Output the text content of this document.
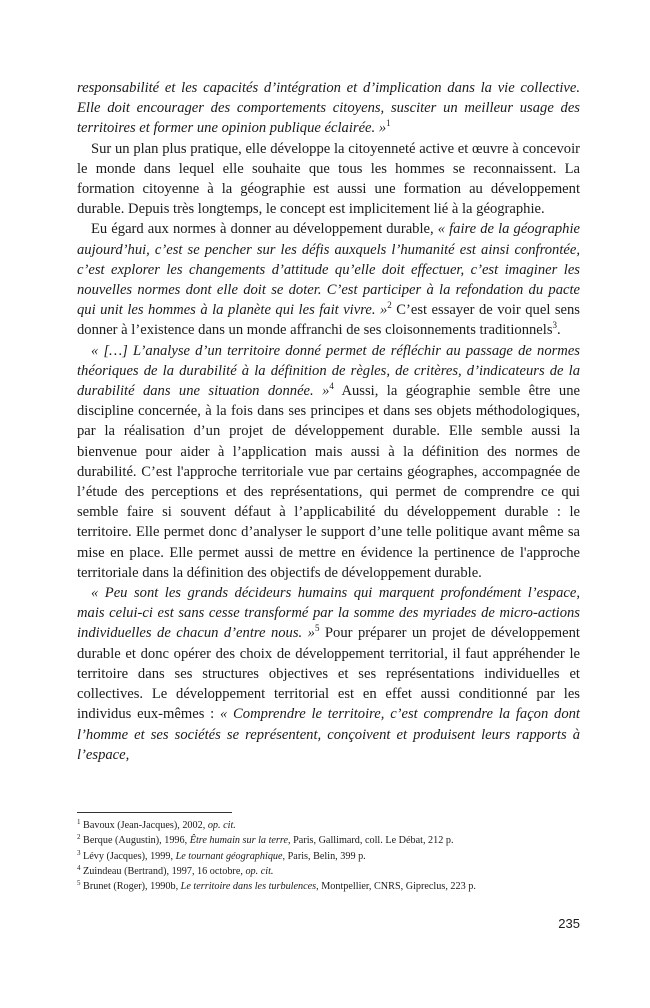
responsabilité et les capacités d’intégration et d’implication dans la vie collective. Elle doit encourager des comportements citoyens, susciter un meilleur usage des territoires et former une opinion publique éclairée. »$^1$

Sur un plan plus pratique, elle développe la citoyenneté active et œuvre à concevoir le monde dans lequel elle souhaite que tous les hommes se reconnaissent. La formation citoyenne à la géographie est aussi une formation au développement durable. Depuis très longtemps, le concept est implicitement lié à la géographie.

Eu égard aux normes à donner au développement durable, « faire de la géographie aujourd’hui, c’est se pencher sur les défis auxquels l’humanité est ainsi confrontée, c’est explorer les changements d’attitude qu’elle doit effectuer, c’est imaginer les nouvelles normes dont elle doit se doter. C’est participer à la refondation du pacte qui unit les hommes à la planète qui les fait vivre. »$^2$ C’est essayer de voir quel sens donner à l’existence dans un monde affranchi de ses cloisonnements traditionnels$^3$.

« […] L’analyse d’un territoire donné permet de réfléchir au passage de normes théoriques de la durabilité à la définition de règles, de critères, d’indicateurs de la durabilité dans une situation donnée. »$^4$ Aussi, la géographie semble être une discipline concernée, à la fois dans ses principes et dans ses objets méthodologiques, par la réalisation d’un projet de développement durable. Elle semble aussi la bienvenue pour aider à l’application mais aussi à la définition des normes de durabilité. C’est l'approche territoriale vue par certains géographes, accompagnée de l’étude des perceptions et des représentations, qui permet de comprendre ce qui semble faire si souvent défaut à l’applicabilité du développement durable : le territoire. Elle permet donc d’analyser le support d’une telle politique avant même sa mise en place. Elle permet aussi de mettre en évidence la pertinence de l'approche territoriale dans la définition des objectifs de développement durable.

« Peu sont les grands décideurs humains qui marquent profondément l’espace, mais celui-ci est sans cesse transformé par la somme des myriades de micro-actions individuelles de chacun d’entre nous. »$^5$ Pour préparer un projet de développement durable et donc opérer des choix de développement territorial, il faut appréhender le territoire dans ses structures objectives et ses représentations individuelles et collectives. Le développement territorial est en effet aussi conditionné par les individus eux-mêmes : « Comprendre le territoire, c’est comprendre la façon dont l’homme et ses sociétés se représentent, conçoivent et produisent leurs rapports à l’espace,

$^1$ Bavoux (Jean-Jacques), 2002, op. cit.

$^2$ Berque (Augustin), 1996, Être humain sur la terre, Paris, Gallimard, coll. Le Débat, 212 p.

$^3$ Lévy (Jacques), 1999, Le tournant géographique, Paris, Belin, 399 p.

$^4$ Zuindeau (Bertrand), 1997, 16 octobre, op. cit.

$^5$ Brunet (Roger), 1990b, Le territoire dans les turbulences, Montpellier, CNRS, Gipreclus, 223 p.

235
